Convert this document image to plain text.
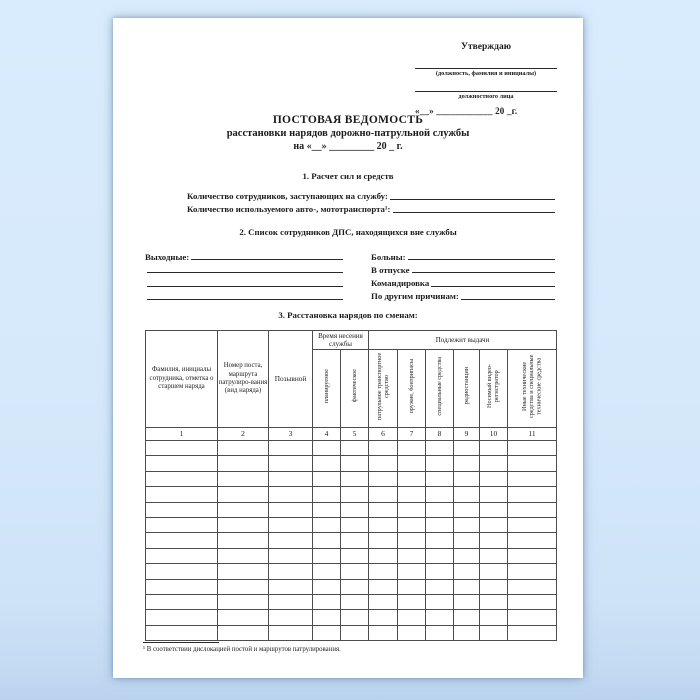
Утверждаю
(должность, фамилия и инициалы)
должностного лица
«__» ____________ 20 _г.
ПОСТОВАЯ ВЕДОМОСТЬ
расстановки нарядов дорожно-патрульной службы
на «__» _________ 20 _ г.
1. Расчет сил и средств
Количество сотрудников, заступающих на службу:
Количество используемого авто-, мототранспорта¹:
2. Список сотрудников ДПС, находящихся вне службы
Выходные:	Больны:
В отпуске
Командировка
По другим причинам:
3. Расстановка нарядов по сменам:
Фамилия, инициалы сотрудника, отметка о старшем наряда	Номер поста, маршрута патрулиро-вания (вид наряда)	Позывной	Время несения службы		Подлежит выдачи					
			планируемое	фактическое	патрульное транспортное средство	оружие, боеприпасы	специальные средства	радиостанции	Носимый видео-регистратор	Иные технические средства и специальные технические средства
1	2	3	4	5	6	7	8	9	10	11

¹ В соответствии дислокацией постой и маршрутов патрулирования.
